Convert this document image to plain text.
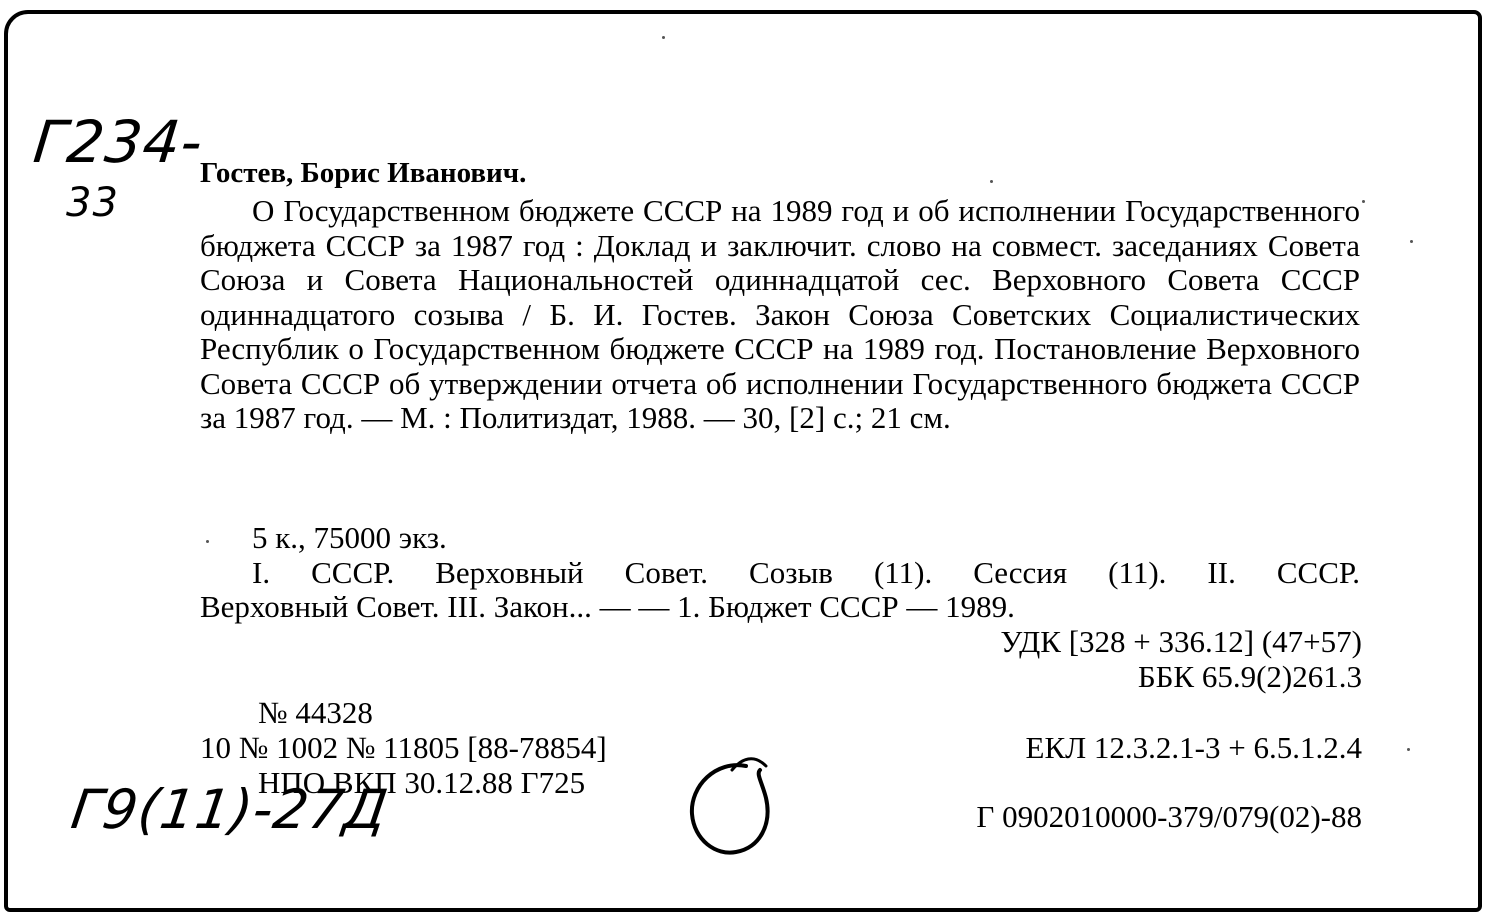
Г234-
33
Гостев, Борис Иванович.
О Государственном бюджете СССР на 1989 год и об исполнении Государственного бюджета СССР за 1987 год : Доклад и заключит. слово на совмест. заседаниях Совета Союза и Совета Национальностей одиннадцатой сес. Верховного Совета СССР одиннадцатого созыва / Б. И. Гостев. Закон Союза Советских Социалистических Республик о Государственном бюджете СССР на 1989 год. Постановление Верховного Совета СССР об утверждении отчета об исполнении Государственного бюджета СССР за 1987 год. — М. : Политиздат, 1988. — 30, [2] с.; 21 см.
5 к., 75000 экз.
I. СССР. Верховный Совет. Созыв (11). Сессия (11). II. СССР.
Верховный Совет. III. Закон... — — 1. Бюджет СССР — 1989.
УДК [328 + 336.12] (47+57)
ББК 65.9(2)261.3
№ 44328
10 № 1002 № 11805 [88-78854]
НПО ВКП 30.12.88 Г725
ЕКЛ 12.3.2.1-3 + 6.5.1.2.4
Г 0902010000-379/079(02)-88
Г9(11)-27Д
